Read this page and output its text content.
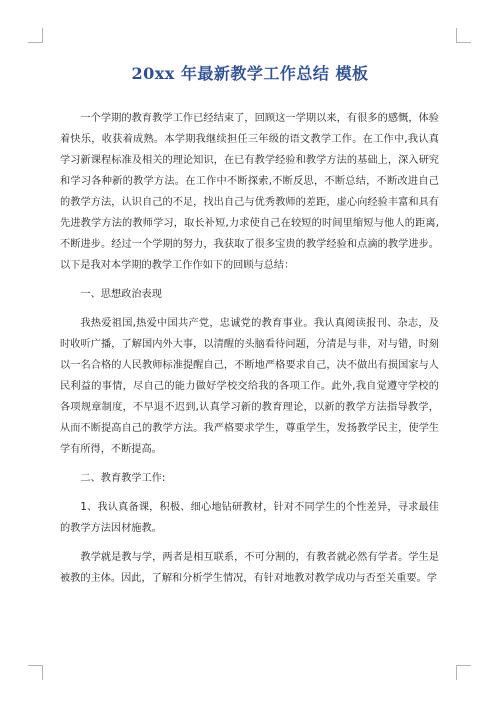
20xx 年最新教学工作总结 模板

一个学期的教育教学工作已经结束了，回顾这一学期以来，有很多的感慨，体验着快乐，收获着成熟。本学期我继续担任三年级的语文教学工作。在工作中,我认真学习新课程标准及相关的理论知识，在已有教学经验和教学方法的基础上，深入研究和学习各种新的教学方法。在工作中不断探索,不断反思，不断总结，不断改进自己的教学方法，认识自己的不足，找出自己与优秀教师的差距，虚心向经验丰富和具有先进教学方法的教师学习，取长补短,力求使自己在较短的时间里缩短与他人的距离,不断进步。经过一个学期的努力，我获取了很多宝贵的教学经验和点滴的教学进步。以下是我对本学期的教学工作作如下的回顾与总结：

一、思想政治表现

我热爱祖国,热爱中国共产党，忠诚党的教育事业。我认真阅读报刊、杂志，及时收听广播，了解国内外大事，以清醒的头脑看待问题，分清是与非，对与错，时刻以一名合格的人民教师标准提醒自己，不断地严格要求自己，决不做出有损国家与人民利益的事情，尽自己的能力做好学校交给我的各项工作。此外,我自觉遵守学校的各项规章制度，不早退不迟到,认真学习新的教育理论，以新的教学方法指导教学，从而不断提高自己的教学方法。我严格要求学生，尊重学生，发扬教学民主，使学生学有所得，不断提高。

二、教育教学工作:

1、我认真备课，积极、细心地钻研教材，针对不同学生的个性差异，寻求最佳的教学方法因材施教。

教学就是教与学，两者是相互联系，不可分割的，有教者就必然有学者。学生是被教的主体。因此，了解和分析学生情况，有针对地教对教学成功与否至关重要。学
